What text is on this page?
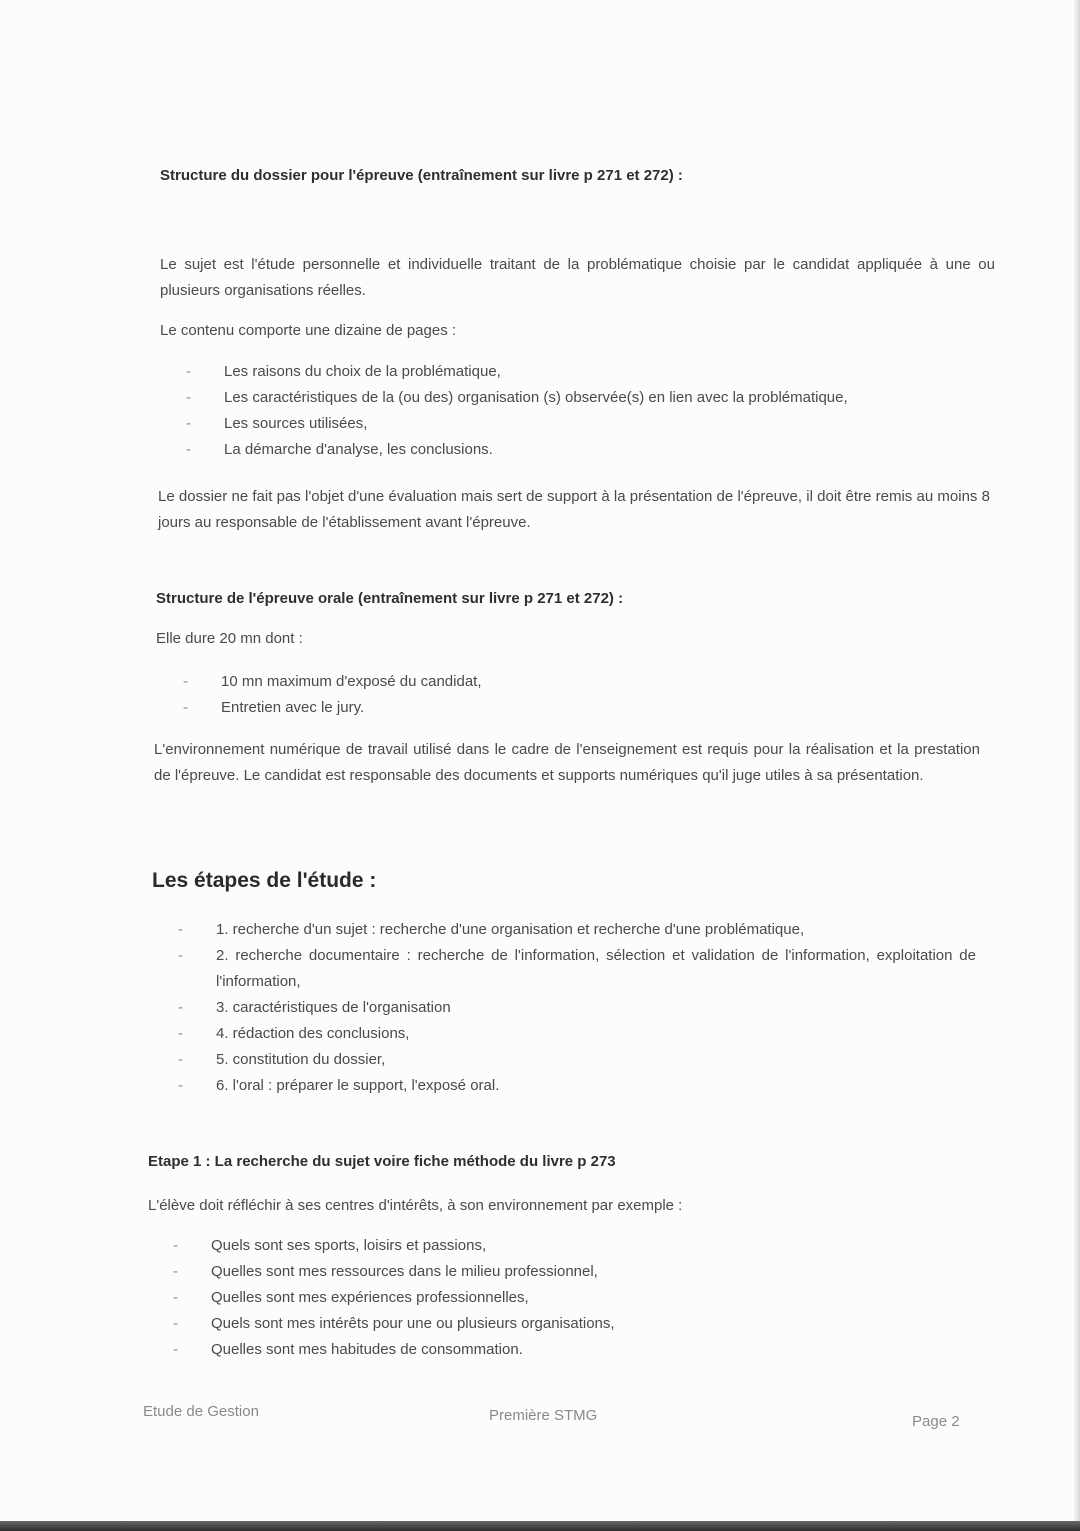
Structure du dossier pour l'épreuve (entraînement sur livre p 271 et 272) :
Le sujet est l'étude personnelle et individuelle traitant de la problématique choisie par le candidat appliquée à une ou plusieurs organisations réelles.
Le contenu comporte une dizaine de pages :
- Les raisons du choix de la problématique,
- Les caractéristiques de la (ou des) organisation (s) observée(s) en lien avec la problématique,
- Les sources utilisées,
- La démarche d'analyse, les conclusions.
Le dossier ne fait pas l'objet d'une évaluation mais sert de support à la présentation de l'épreuve, il doit être remis au moins 8 jours au responsable de l'établissement avant l'épreuve.
Structure de l'épreuve orale (entraînement sur livre p 271 et 272) :
Elle dure 20 mn dont :
- 10 mn maximum d'exposé du candidat,
- Entretien avec le jury.
L'environnement numérique de travail utilisé dans le cadre de l'enseignement est requis pour la réalisation et la prestation de l'épreuve. Le candidat est responsable des documents et supports numériques qu'il juge utiles à sa présentation.
Les étapes de l'étude :
- 1. recherche d'un sujet : recherche d'une organisation et recherche d'une problématique,
- 2. recherche documentaire : recherche de l'information, sélection et validation de l'information, exploitation de l'information,
- 3. caractéristiques de l'organisation
- 4. rédaction des conclusions,
- 5. constitution du dossier,
- 6. l'oral : préparer le support, l'exposé oral.
Etape 1 : La recherche du sujet voire fiche méthode du livre p 273
L'élève doit réfléchir à ses centres d'intérêts, à son environnement par exemple :
- Quels sont ses sports, loisirs et passions,
- Quelles sont mes ressources dans le milieu professionnel,
- Quelles sont mes expériences professionnelles,
- Quels sont mes intérêts pour une ou plusieurs organisations,
- Quelles sont mes habitudes de consommation.
Etude de Gestion	Première STMG	Page 2
